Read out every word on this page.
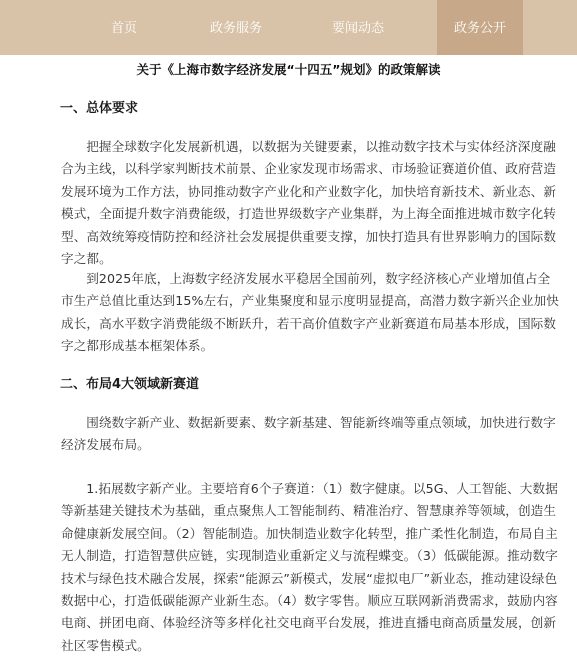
首页	政务服务	要闻动态	政务公开
关于《上海市数字经济发展“十四五”规划》的政策解读
一、总体要求
把握全球数字化发展新机遇，以数据为关键要素，以推动数字技术与实体经济深度融合为主线，以科学家判断技术前景、企业家发现市场需求、市场验证赛道价值、政府营造发展环境为工作方法，协同推动数字产业化和产业数字化，加快培育新技术、新业态、新模式，全面提升数字消费能级，打造世界级数字产业集群，为上海全面推进城市数字化转型、高效统筹疫情防控和经济社会发展提供重要支撑，加快打造具有世界影响力的国际数字之都。
到2025年底，上海数字经济发展水平稳居全国前列，数字经济核心产业增加值占全市生产总值比重达到15%左右，产业集聚度和显示度明显提高，高潜力数字新兴企业加快成长，高水平数字消费能级不断跃升，若干高价值数字产业新赛道布局基本形成，国际数字之都形成基本框架体系。
二、布局4大领域新赛道
围绕数字新产业、数据新要素、数字新基建、智能新终端等重点领域，加快进行数字经济发展布局。
1.拓展数字新产业。主要培育6个子赛道：（1）数字健康。以5G、人工智能、大数据等新基建关键技术为基础，重点聚焦人工智能制药、精准治疗、智慧康养等领域，创造生命健康新发展空间。（2）智能制造。加快制造业数字化转型，推广柔性化制造，布局自主无人制造，打造智慧供应链，实现制造业重新定义与流程蝶变。（3）低碳能源。推动数字技术与绿色技术融合发展，探索“能源云”新模式，发展“虚拟电厂”新业态，推动建设绿色数据中心，打造低碳能源产业新生态。（4）数字零售。顺应互联网新消费需求，鼓励内容电商、拼团电商、体验经济等多样化社交电商平台发展，推进直播电商高质量发展，创新社区零售模式。
